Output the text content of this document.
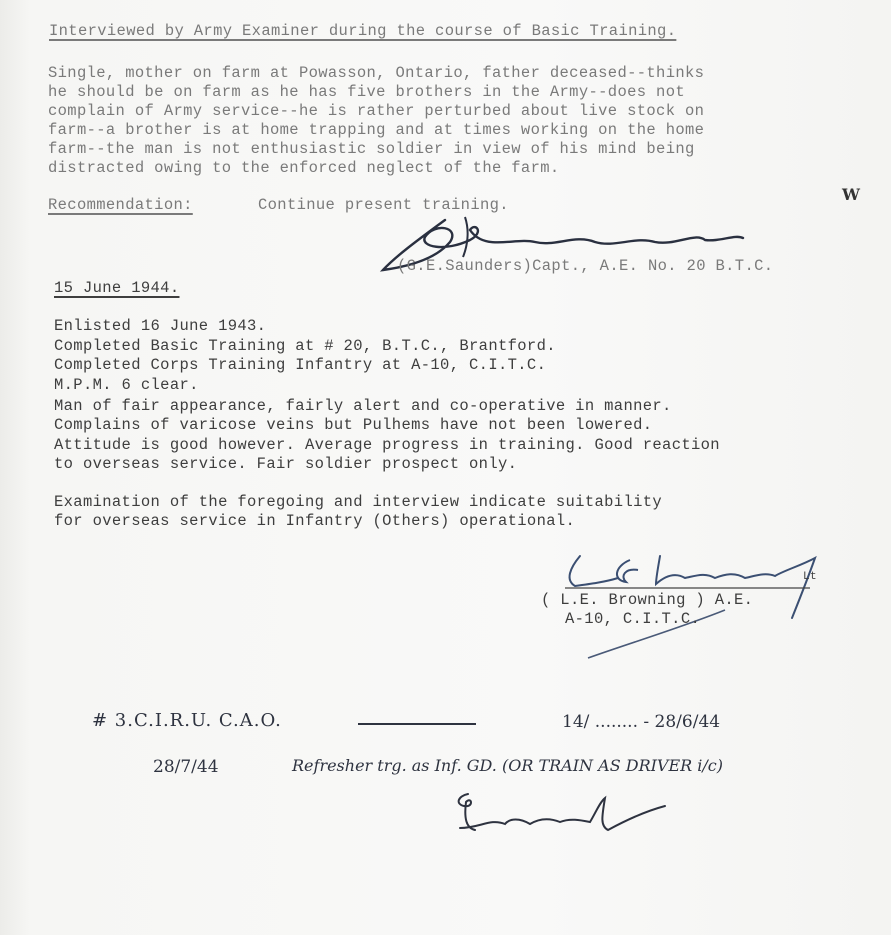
Interviewed by Army Examiner during the course of Basic Training.
Single, mother on farm at Powasson, Ontario, father deceased--thinks
he should be on farm as he has five brothers in the Army--does not
complain of Army service--he is rather perturbed about live stock on
farm--a brother is at home trapping and at times working on the home
farm--the man is not enthusiastic soldier in view of his mind being
distracted owing to the enforced neglect of the farm.
Recommendation:	Continue present training.
W
(G.E.Saunders)Capt., A.E. No. 20 B.T.C.
15 June 1944.
Enlisted 16 June 1943.
Completed Basic Training at # 20, B.T.C., Brantford.
Completed Corps Training Infantry at A-10, C.I.T.C.
M.P.M. 6 clear.
Man of fair appearance, fairly alert and co-operative in manner.
Complains of varicose veins but Pulhems have not been lowered.
Attitude is good however. Average progress in training. Good reaction
to overseas service. Fair soldier prospect only.
Examination of the foregoing and interview indicate suitability
for overseas service in Infantry (Others) operational.
Lt
( L.E. Browning ) A.E.
A-10, C.I.T.C.
# 3.C.I.R.U. C.A.O.	14/ ........ - 28/6/44
28/7/44	Refresher trg. as Inf. GD. (OR TRAIN AS DRIVER i/c)
